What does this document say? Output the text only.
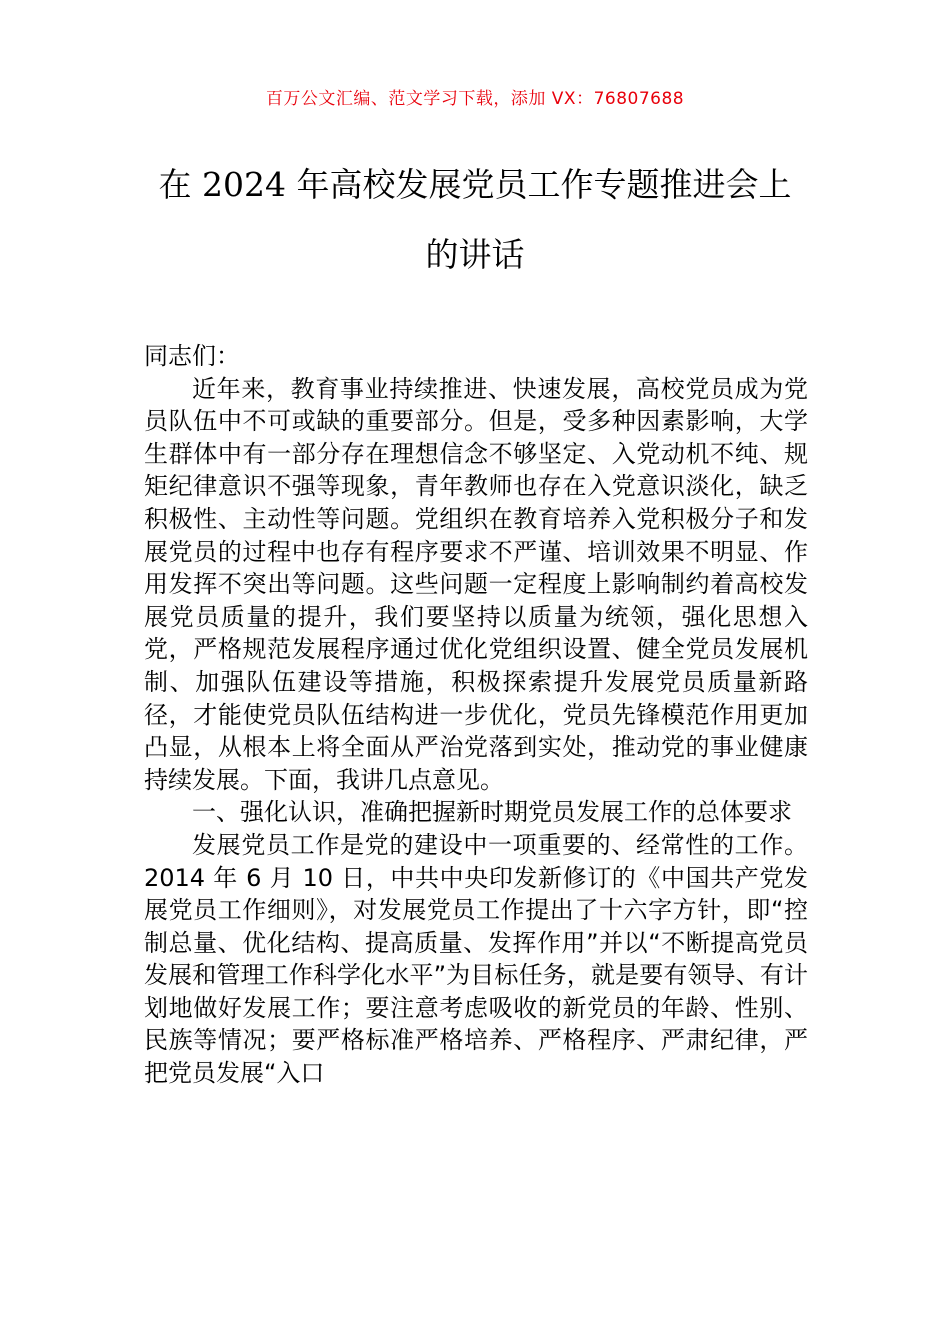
百万公文汇编、范文学习下载，添加 VX：76807688
在 2024 年高校发展党员工作专题推进会上
的讲话

同志们：

近年来，教育事业持续推进、快速发展，高校党员成为党员队伍中不可或缺的重要部分。但是，受多种因素影响，大学生群体中有一部分存在理想信念不够坚定、入党动机不纯、规矩纪律意识不强等现象，青年教师也存在入党意识淡化，缺乏积极性、主动性等问题。党组织在教育培养入党积极分子和发展党员的过程中也存有程序要求不严谨、培训效果不明显、作用发挥不突出等问题。这些问题一定程度上影响制约着高校发展党员质量的提升，我们要坚持以质量为统领，强化思想入党，严格规范发展程序通过优化党组织设置、健全党员发展机制、加强队伍建设等措施，积极探索提升发展党员质量新路径，才能使党员队伍结构进一步优化，党员先锋模范作用更加凸显，从根本上将全面从严治党落到实处，推动党的事业健康持续发展。下面，我讲几点意见。

一、强化认识，准确把握新时期党员发展工作的总体要求

发展党员工作是党的建设中一项重要的、经常性的工作。2014 年 6 月 10 日，中共中央印发新修订的《中国共产党发展党员工作细则》，对发展党员工作提出了十六字方针，即“控制总量、优化结构、提高质量、发挥作用”并以“不断提高党员发展和管理工作科学化水平”为目标任务，就是要有领导、有计划地做好发展工作；要注意考虑吸收的新党员的年龄、性别、民族等情况；要严格标准严格培养、严格程序、严肃纪律，严把党员发展“入口
